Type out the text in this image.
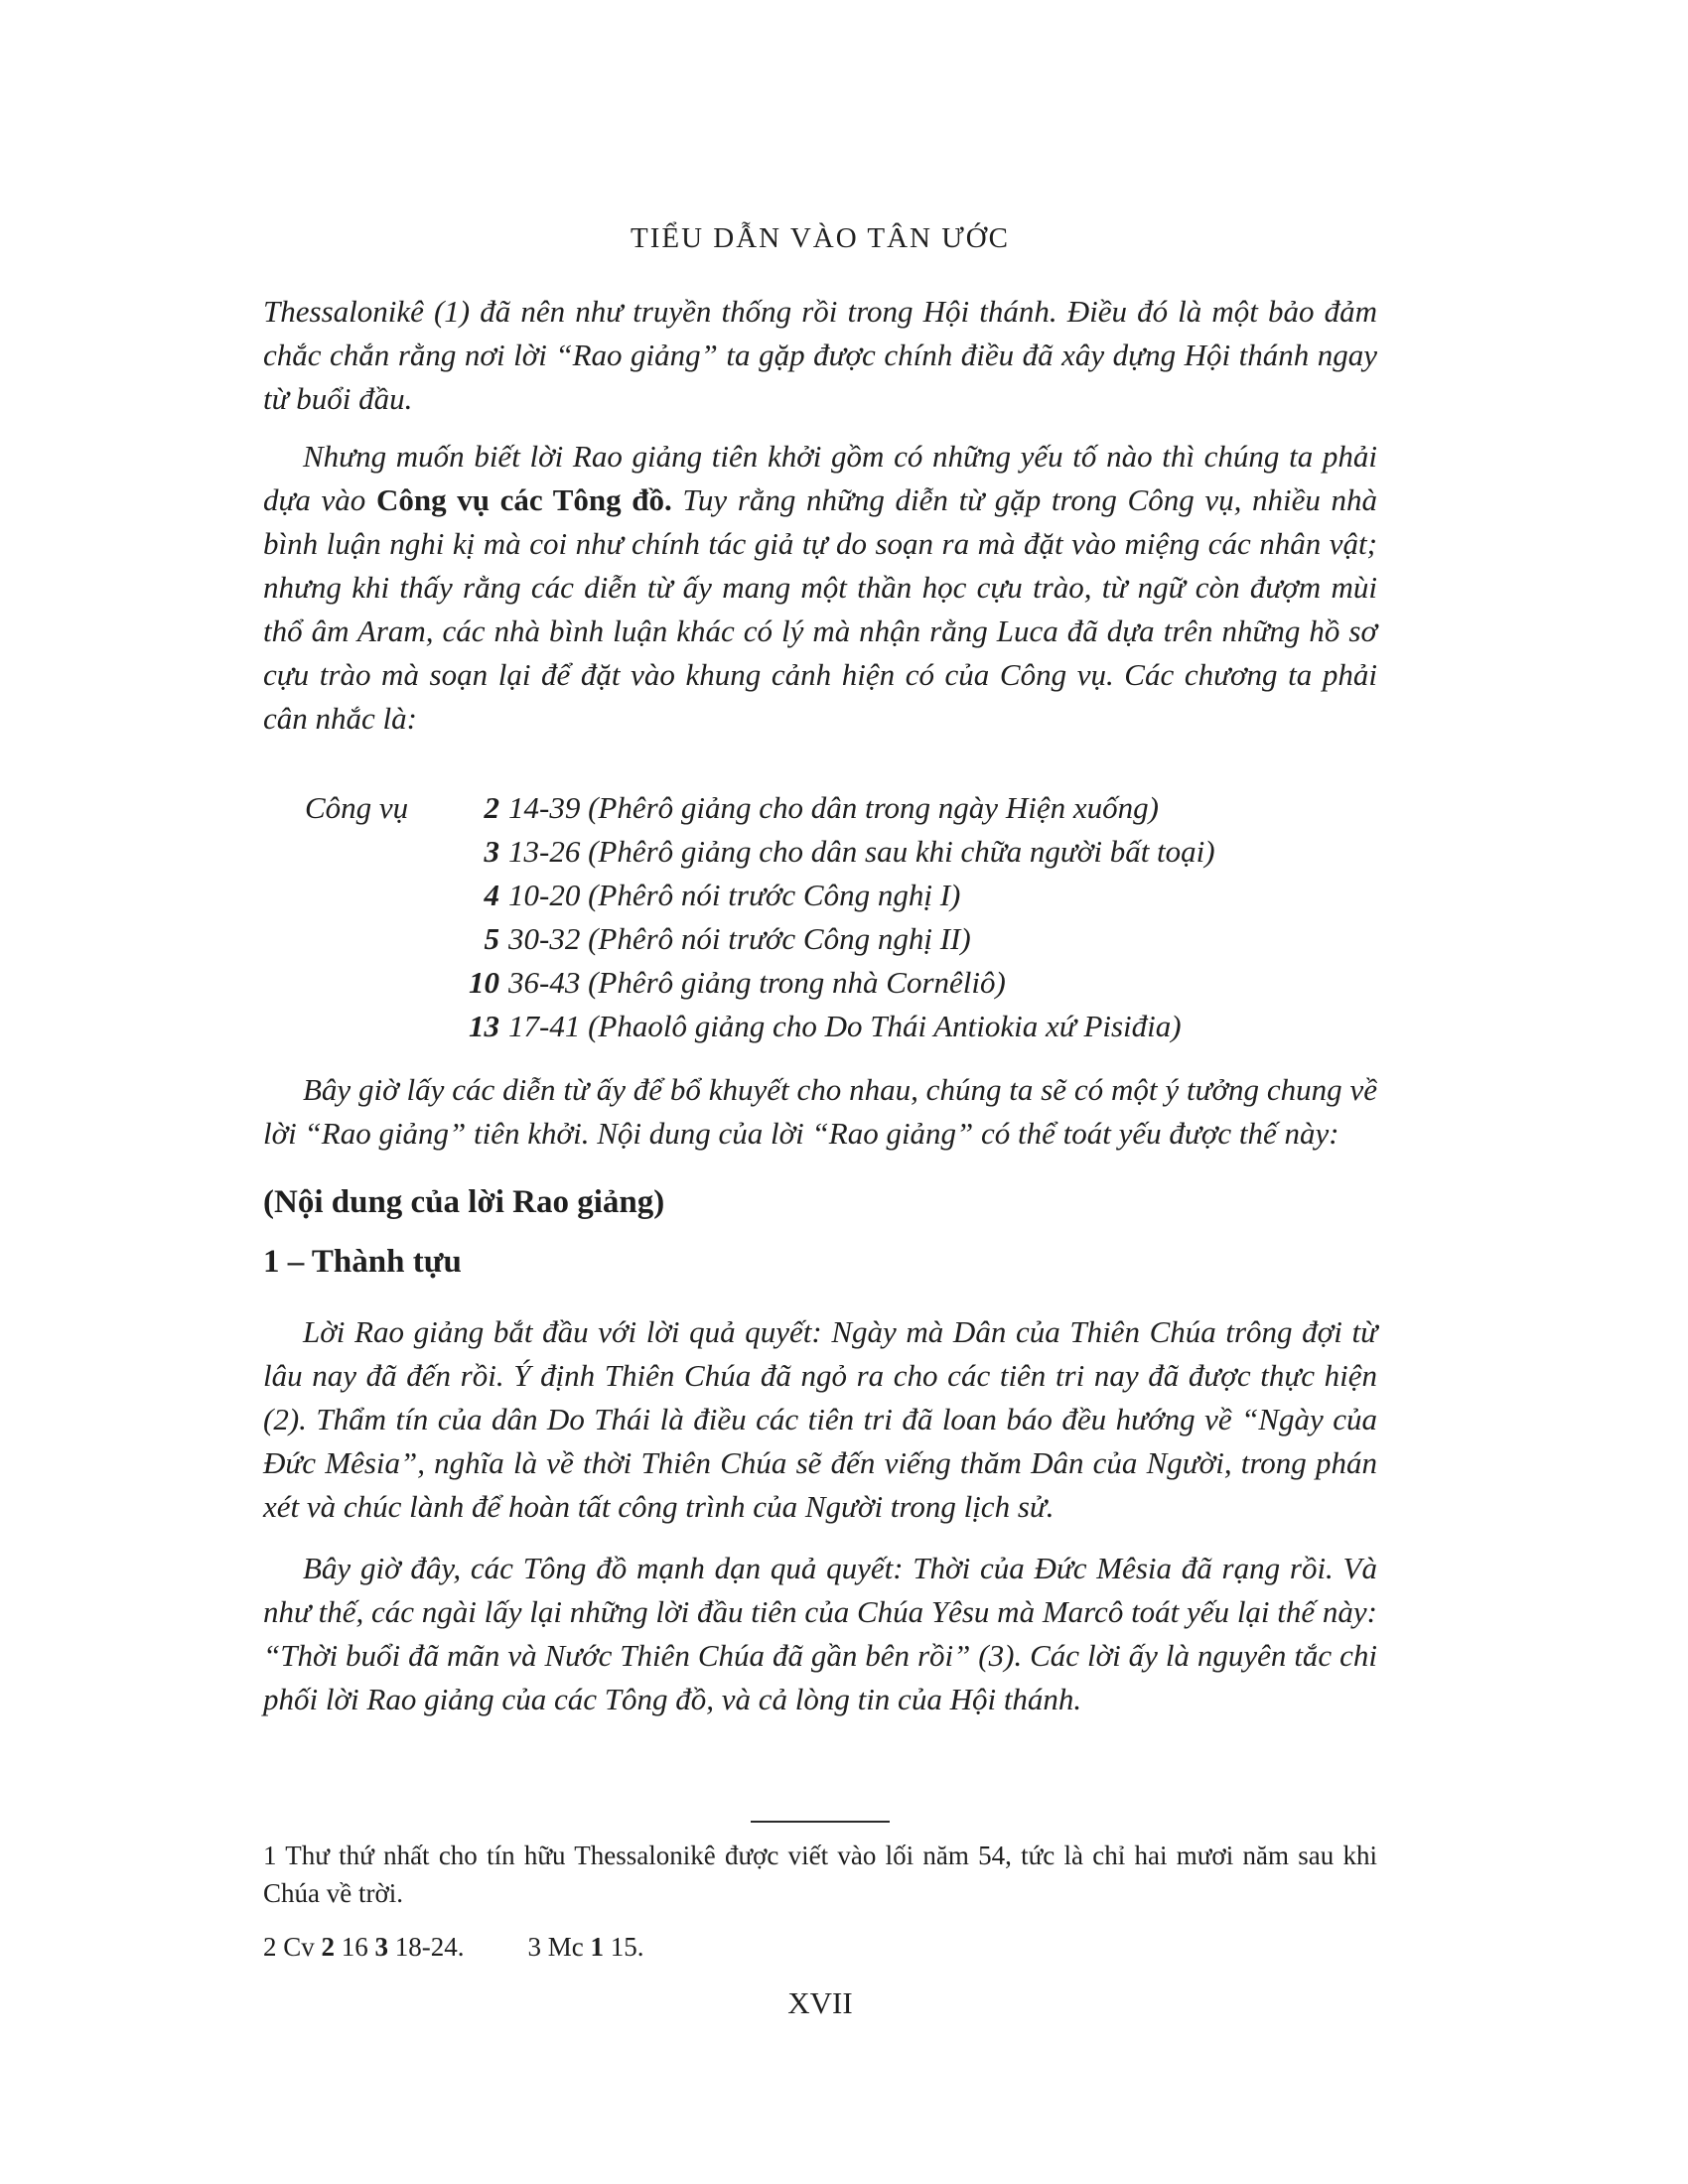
TIỂU DẪN VÀO TÂN ƯỚC

Thessalonikê (1) đã nên như truyền thống rồi trong Hội thánh. Điều đó là một bảo đảm chắc chắn rằng nơi lời “Rao giảng” ta gặp được chính điều đã xây dựng Hội thánh ngay từ buổi đầu.

Nhưng muốn biết lời Rao giảng tiên khởi gồm có những yếu tố nào thì chúng ta phải dựa vào Công vụ các Tông đồ. Tuy rằng những diễn từ gặp trong Công vụ, nhiều nhà bình luận nghi kị mà coi như chính tác giả tự do soạn ra mà đặt vào miệng các nhân vật; nhưng khi thấy rằng các diễn từ ấy mang một thần học cựu trào, từ ngữ còn đượm mùi thổ âm Aram, các nhà bình luận khác có lý mà nhận rằng Luca đã dựa trên những hồ sơ cựu trào mà soạn lại để đặt vào khung cảnh hiện có của Công vụ. Các chương ta phải cân nhắc là:

Công vụ	2 14-39 (Phêrô giảng cho dân trong ngày Hiện xuống)
3 13-26 (Phêrô giảng cho dân sau khi chữa người bất toại)
4 10-20 (Phêrô nói trước Công nghị I)
5 30-32 (Phêrô nói trước Công nghị II)
10 36-43 (Phêrô giảng trong nhà Cornêliô)
13 17-41 (Phaolô giảng cho Do Thái Antiokia xứ Pisiđia)

Bây giờ lấy các diễn từ ấy để bổ khuyết cho nhau, chúng ta sẽ có một ý tưởng chung về lời “Rao giảng” tiên khởi. Nội dung của lời “Rao giảng” có thể toát yếu được thế này:

(Nội dung của lời Rao giảng)
1 – Thành tựu

Lời Rao giảng bắt đầu với lời quả quyết: Ngày mà Dân của Thiên Chúa trông đợi từ lâu nay đã đến rồi. Ý định Thiên Chúa đã ngỏ ra cho các tiên tri nay đã được thực hiện (2). Thẩm tín của dân Do Thái là điều các tiên tri đã loan báo đều hướng về “Ngày của Đức Mêsia”, nghĩa là về thời Thiên Chúa sẽ đến viếng thăm Dân của Người, trong phán xét và chúc lành để hoàn tất công trình của Người trong lịch sử.

Bây giờ đây, các Tông đồ mạnh dạn quả quyết: Thời của Đức Mêsia đã rạng rồi. Và như thế, các ngài lấy lại những lời đầu tiên của Chúa Yêsu mà Marcô toát yếu lại thế này: “Thời buổi đã mãn và Nước Thiên Chúa đã gần bên rồi” (3). Các lời ấy là nguyên tắc chi phối lời Rao giảng của các Tông đồ, và cả lòng tin của Hội thánh.

1 Thư thứ nhất cho tín hữu Thessalonikê được viết vào lối năm 54, tức là chỉ hai mươi năm sau khi Chúa về trời.

2 Cv 2 16 3 18-24. 3 Mc 1 15.

XVII
